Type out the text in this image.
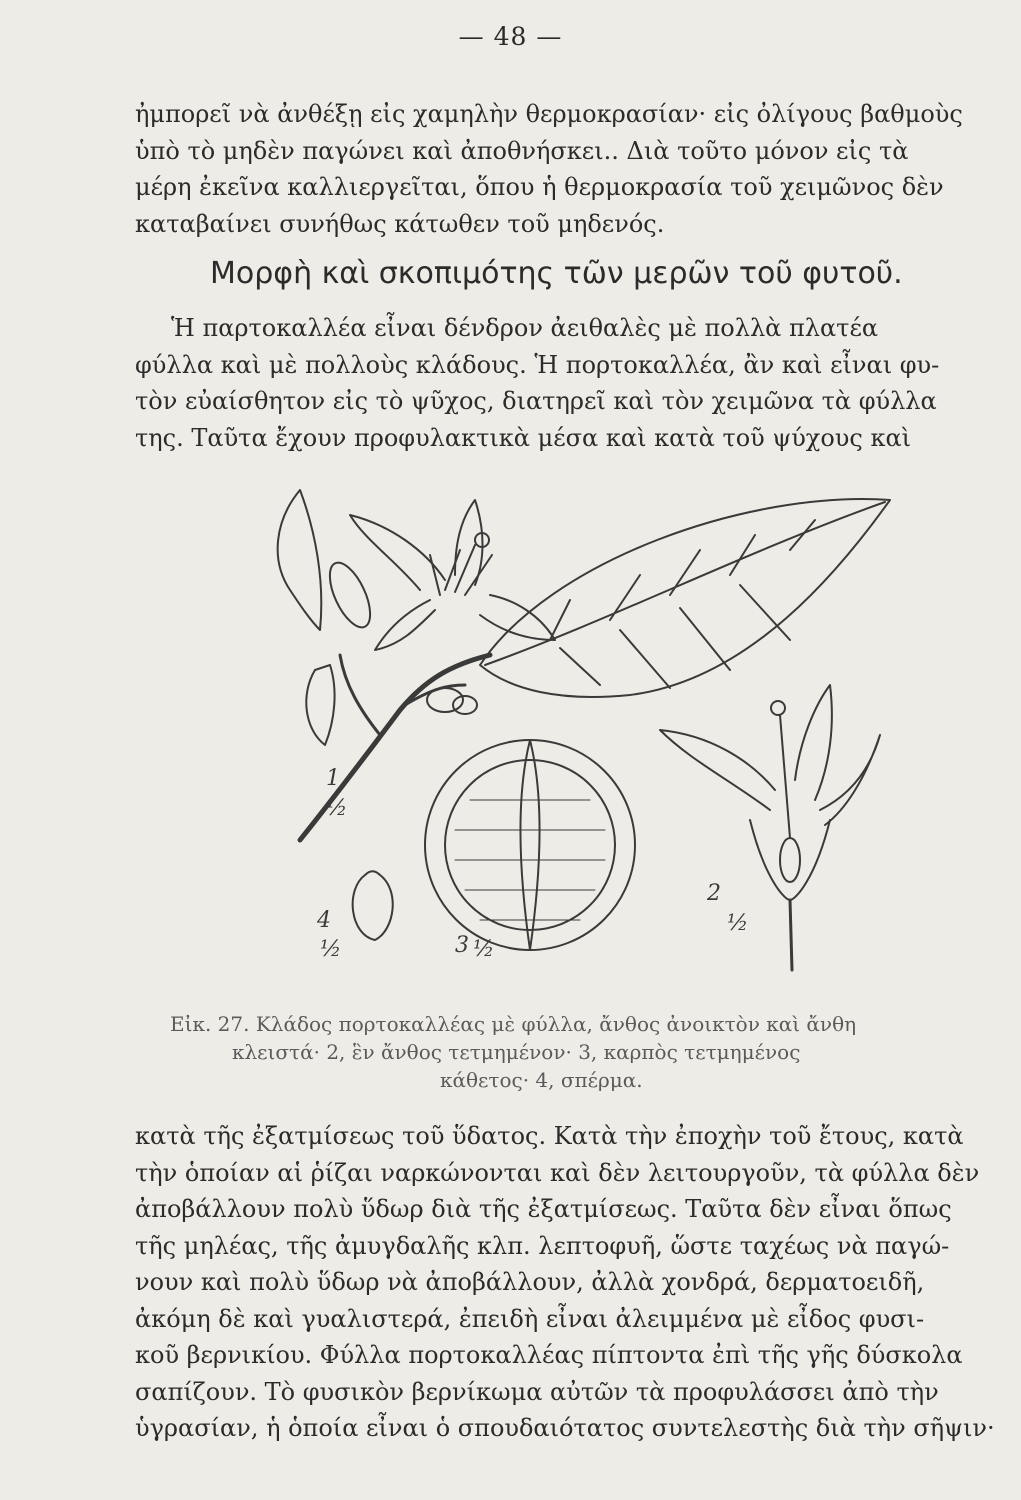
— 48 —
ἠμπορεῖ νὰ ἀνθέξῃ εἰς χαμηλὴν θερμοκρασίαν· εἰς ὀλίγους βαθμοὺς
ὑπὸ τὸ μηδὲν παγώνει καὶ ἀποθνήσκει.. Διὰ τοῦτο μόνον εἰς τὰ
μέρη ἐκεῖνα καλλιεργεῖται, ὅπου ἡ θερμοκρασία τοῦ χειμῶνος δὲν
καταβαίνει συνήθως κάτωθεν τοῦ μηδενός.
Μορφὴ καὶ σκοπιμότης τῶν μερῶν τοῦ φυτοῦ.
Ἡ παρτοκαλλέα εἶναι δένδρον ἀειθαλὲς μὲ πολλὰ πλατέα
φύλλα καὶ μὲ πολλοὺς κλάδους. Ἡ πορτοκαλλέα, ἂν καὶ εἶναι φυ-
τὸν εὐαίσθητον εἰς τὸ ψῦχος, διατηρεῖ καὶ τὸν χειμῶνα τὰ φύλλα
της. Ταῦτα ἔχουν προφυλακτικὰ μέσα καὶ κατὰ τοῦ ψύχους καὶ
1
½
2
½
3 ½
4
½
Εἰκ. 27. Κλάδος πορτοκαλλέας μὲ φύλλα, ἄνθος ἀνοικτὸν καὶ ἄνθη
κλειστά· 2, ἓν ἄνθος τετμημένον· 3, καρπὸς τετμημένος
κάθετος· 4, σπέρμα.
κατὰ τῆς ἐξατμίσεως τοῦ ὕδατος. Κατὰ τὴν ἐποχὴν τοῦ ἔτους, κατὰ
τὴν ὁποίαν αἱ ῥίζαι ναρκώνονται καὶ δὲν λειτουργοῦν, τὰ φύλλα δὲν
ἀποβάλλουν πολὺ ὕδωρ διὰ τῆς ἐξατμίσεως. Ταῦτα δὲν εἶναι ὅπως
τῆς μηλέας, τῆς ἀμυγδαλῆς κλπ. λεπτοφυῆ, ὥστε ταχέως νὰ παγώ-
νουν καὶ πολὺ ὕδωρ νὰ ἀποβάλλουν, ἀλλὰ χονδρά, δερματοειδῆ,
ἀκόμη δὲ καὶ γυαλιστερά, ἐπειδὴ εἶναι ἀλειμμένα μὲ εἶδος φυσι-
κοῦ βερνικίου. Φύλλα πορτοκαλλέας πίπτοντα ἐπὶ τῆς γῆς δύσκολα
σαπίζουν. Τὸ φυσικὸν βερνίκωμα αὐτῶν τὰ προφυλάσσει ἀπὸ τὴν
ὑγρασίαν, ἡ ὁποία εἶναι ὁ σπουδαιότατος συντελεστὴς διὰ τὴν σῆψιν·
